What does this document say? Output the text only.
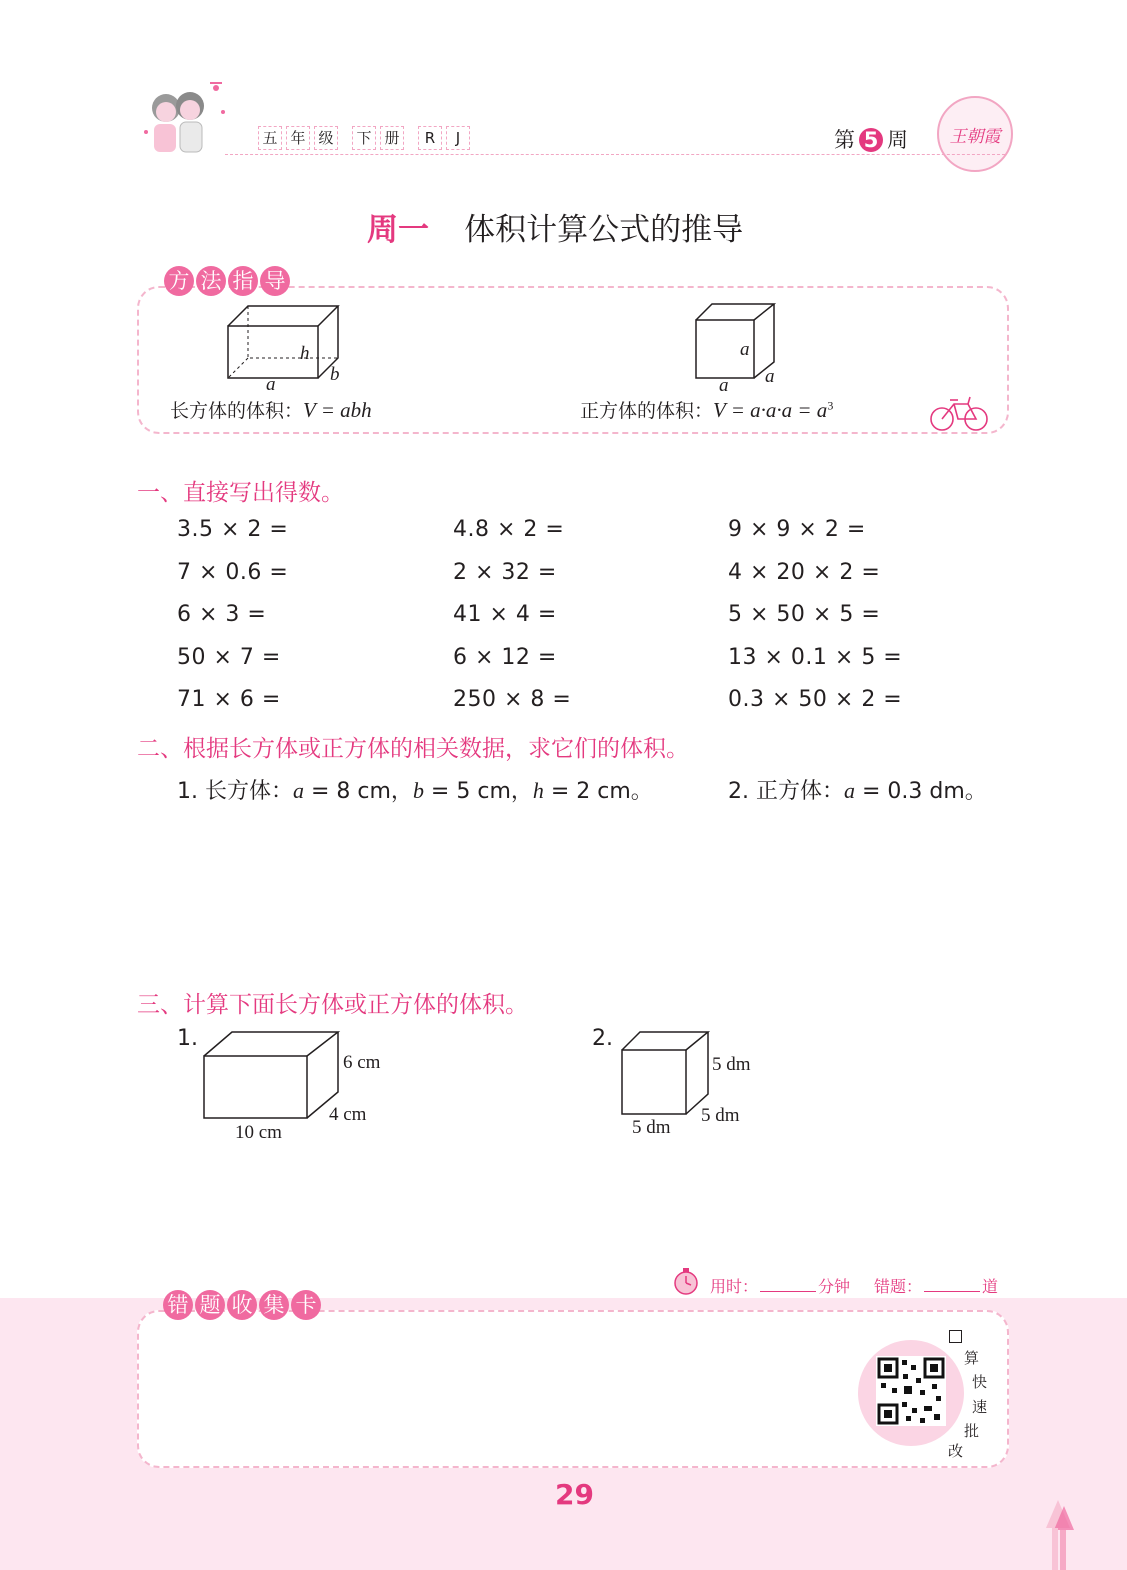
五 年 级 下 册 R J	第 5 周	王朝霞
周一 体积计算公式的推导
方 法 指 导
h
a	b
长方体的体积：V = abh
a
a a
正方体的体积：$V = a\cdot a\cdot a = a^3$
一、直接写出得数。
3.5 × 2 =	4.8 × 2 =	9 × 9 × 2 =
7 × 0.6 =	2 × 32 =	4 × 20 × 2 =
6 × 3 =	41 × 4 =	5 × 50 × 5 =
50 × 7 =	6 × 12 =	13 × 0.1 × 5 =
71 × 6 =	250 × 8 =	0.3 × 50 × 2 =
二、根据长方体或正方体的相关数据，求它们的体积。
1. 长方体：a = 8 cm，b = 5 cm，h = 2 cm。	2. 正方体：a = 0.3 dm。
三、计算下面长方体或正方体的体积。
1.
6 cm
4 cm
10 cm
2.
5 dm
5 dm
5 dm
用时：	分钟 错题：	道
错 题 收 集 卡
算
快
速
批
改
29
